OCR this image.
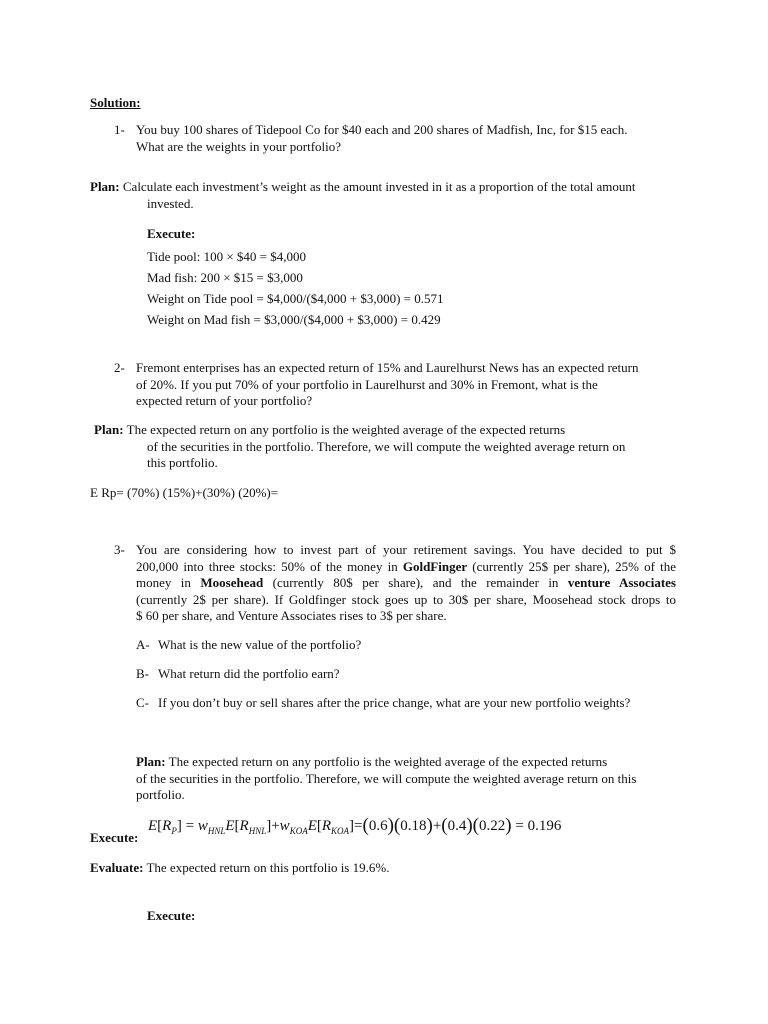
Solution:
1- You buy 100 shares of Tidepool Co for $40 each and 200 shares of Madfish, Inc, for $15 each.
What are the weights in your portfolio?
Plan: Calculate each investment’s weight as the amount invested in it as a proportion of the total amount
invested.
Execute:
Tide pool: 100 × $40 = $4,000
Mad fish: 200 × $15 = $3,000
Weight on Tide pool = $4,000/($4,000 + $3,000) = 0.571
Weight on Mad fish = $3,000/($4,000 + $3,000) = 0.429
2- Fremont enterprises has an expected return of 15% and Laurelhurst News has an expected return
of 20%. If you put 70% of your portfolio in Laurelhurst and 30% in Fremont, what is the
expected return of your portfolio?
Plan: The expected return on any portfolio is the weighted average of the expected returns
of the securities in the portfolio. Therefore, we will compute the weighted average return on
this portfolio.
E Rp= (70%) (15%)+(30%) (20%)=
3- You are considering how to invest part of your retirement savings. You have decided to put $
200,000 into three stocks: 50% of the money in GoldFinger (currently 25$ per share), 25% of the
money in Moosehead (currently 80$ per share), and the remainder in venture Associates
(currently 2$ per share). If Goldfinger stock goes up to 30$ per share, Moosehead stock drops to
$ 60 per share, and Venture Associates rises to 3$ per share.
A- What is the new value of the portfolio?
B- What return did the portfolio earn?
C- If you don’t buy or sell shares after the price change, what are your new portfolio weights?
Plan: The expected return on any portfolio is the weighted average of the expected returns
of the securities in the portfolio. Therefore, we will compute the weighted average return on this
portfolio.
Execute:
$E[R_P] = w_{HNL}E[R_{HNL}]+w_{KOA}E[R_{KOA}]=(0.6)(0.18)+(0.4)(0.22) = 0.196$
Evaluate: The expected return on this portfolio is 19.6%.
Execute:
